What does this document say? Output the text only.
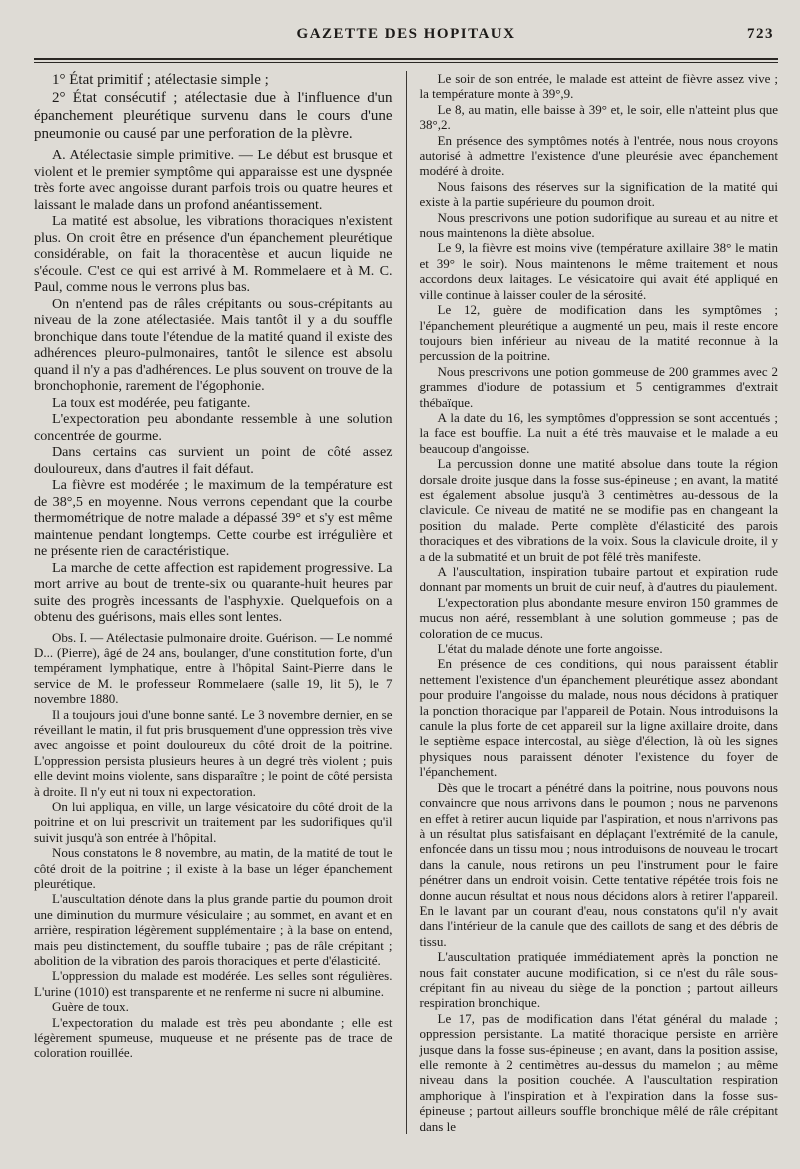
GAZETTE DES HOPITAUX	723

1° État primitif ; atélectasie simple ;

2° État consécutif ; atélectasie due à l'influence d'un épanchement pleurétique survenu dans le cours d'une pneumonie ou causé par une perforation de la plèvre.

A. Atélectasie simple primitive. — Le début est brusque et violent et le premier symptôme qui apparaisse est une dyspnée très forte avec angoisse durant parfois trois ou quatre heures et laissant le malade dans un profond anéantissement.

La matité est absolue, les vibrations thoraciques n'existent plus. On croit être en présence d'un épanchement pleurétique considérable, on fait la thoracentèse et aucun liquide ne s'écoule. C'est ce qui est arrivé à M. Rommelaere et à M. C. Paul, comme nous le verrons plus bas.

On n'entend pas de râles crépitants ou sous-crépitants au niveau de la zone atélectasiée. Mais tantôt il y a du souffle bronchique dans toute l'étendue de la matité quand il existe des adhérences pleuro-pulmonaires, tantôt le silence est absolu quand il n'y a pas d'adhérences. Le plus souvent on trouve de la bronchophonie, rarement de l'égophonie.

La toux est modérée, peu fatigante.

L'expectoration peu abondante ressemble à une solution concentrée de gourme.

Dans certains cas survient un point de côté assez douloureux, dans d'autres il fait défaut.

La fièvre est modérée ; le maximum de la température est de 38°,5 en moyenne. Nous verrons cependant que la courbe thermométrique de notre malade a dépassé 39° et s'y est même maintenue pendant longtemps. Cette courbe est irrégulière et ne présente rien de caractéristique.

La marche de cette affection est rapidement progressive. La mort arrive au bout de trente-six ou quarante-huit heures par suite des progrès incessants de l'asphyxie. Quelquefois on a obtenu des guérisons, mais elles sont lentes.

Obs. I. — Atélectasie pulmonaire droite. Guérison. — Le nommé D... (Pierre), âgé de 24 ans, boulanger, d'une constitution forte, d'un tempérament lymphatique, entre à l'hôpital Saint-Pierre dans le service de M. le professeur Rommelaere (salle 19, lit 5), le 7 novembre 1880.

Il a toujours joui d'une bonne santé. Le 3 novembre dernier, en se réveillant le matin, il fut pris brusquement d'une oppression très vive avec angoisse et point douloureux du côté droit de la poitrine. L'oppression persista plusieurs heures à un degré très violent ; puis elle devint moins violente, sans disparaître ; le point de côté persista à droite. Il n'y eut ni toux ni expectoration.

On lui appliqua, en ville, un large vésicatoire du côté droit de la poitrine et on lui prescrivit un traitement par les sudorifiques qu'il suivit jusqu'à son entrée à l'hôpital.

Nous constatons le 8 novembre, au matin, de la matité de tout le côté droit de la poitrine ; il existe à la base un léger épanchement pleurétique.

L'auscultation dénote dans la plus grande partie du poumon droit une diminution du murmure vésiculaire ; au sommet, en avant et en arrière, respiration légèrement supplémentaire ; à la base on entend, mais peu distinctement, du souffle tubaire ; pas de râle crépitant ; abolition de la vibration des parois thoraciques et perte d'élasticité.

L'oppression du malade est modérée. Les selles sont régulières. L'urine (1010) est transparente et ne renferme ni sucre ni albumine.

Guère de toux.

L'expectoration du malade est très peu abondante ; elle est légèrement spumeuse, muqueuse et ne présente pas de trace de coloration rouillée.

Le soir de son entrée, le malade est atteint de fièvre assez vive ; la température monte à 39°,9.

Le 8, au matin, elle baisse à 39° et, le soir, elle n'atteint plus que 38°,2.

En présence des symptômes notés à l'entrée, nous nous croyons autorisé à admettre l'existence d'une pleurésie avec épanchement modéré à droite.

Nous faisons des réserves sur la signification de la matité qui existe à la partie supérieure du poumon droit.

Nous prescrivons une potion sudorifique au sureau et au nitre et nous maintenons la diète absolue.

Le 9, la fièvre est moins vive (température axillaire 38° le matin et 39° le soir). Nous maintenons le même traitement et nous accordons deux laitages. Le vésicatoire qui avait été appliqué en ville continue à laisser couler de la sérosité.

Le 12, guère de modification dans les symptômes ; l'épanchement pleurétique a augmenté un peu, mais il reste encore toujours bien inférieur au niveau de la matité reconnue à la percussion de la poitrine.

Nous prescrivons une potion gommeuse de 200 grammes avec 2 grammes d'iodure de potassium et 5 centigrammes d'extrait thébaïque.

A la date du 16, les symptômes d'oppression se sont accentués ; la face est bouffie. La nuit a été très mauvaise et le malade a eu beaucoup d'angoisse.

La percussion donne une matité absolue dans toute la région dorsale droite jusque dans la fosse sus-épineuse ; en avant, la matité est également absolue jusqu'à 3 centimètres au-dessous de la clavicule. Ce niveau de matité ne se modifie pas en changeant la position du malade. Perte complète d'élasticité des parois thoraciques et des vibrations de la voix. Sous la clavicule droite, il y a de la submatité et un bruit de pot fêlé très manifeste.

A l'auscultation, inspiration tubaire partout et expiration rude donnant par moments un bruit de cuir neuf, à d'autres du piaulement.

L'expectoration plus abondante mesure environ 150 grammes de mucus non aéré, ressemblant à une solution gommeuse ; pas de coloration de ce mucus.

L'état du malade dénote une forte angoisse.

En présence de ces conditions, qui nous paraissent établir nettement l'existence d'un épanchement pleurétique assez abondant pour produire l'angoisse du malade, nous nous décidons à pratiquer la ponction thoracique par l'appareil de Potain. Nous introduisons la canule la plus forte de cet appareil sur la ligne axillaire droite, dans le septième espace intercostal, au siège d'élection, là où les signes physiques nous paraissent dénoter l'existence du foyer de l'épanchement.

Dès que le trocart a pénétré dans la poitrine, nous pouvons nous convaincre que nous arrivons dans le poumon ; nous ne parvenons en effet à retirer aucun liquide par l'aspiration, et nous n'arrivons pas à un résultat plus satisfaisant en déplaçant l'extrémité de la canule, enfoncée dans un tissu mou ; nous introduisons de nouveau le trocart dans la canule, nous retirons un peu l'instrument pour le faire pénétrer dans un endroit voisin. Cette tentative répétée trois fois ne donne aucun résultat et nous nous décidons alors à retirer l'appareil. En le lavant par un courant d'eau, nous constatons qu'il n'y avait dans l'intérieur de la canule que des caillots de sang et des débris de tissu.

L'auscultation pratiquée immédiatement après la ponction ne nous fait constater aucune modification, si ce n'est du râle sous-crépitant fin au niveau du siège de la ponction ; partout ailleurs respiration bronchique.

Le 17, pas de modification dans l'état général du malade ; oppression persistante. La matité thoracique persiste en arrière jusque dans la fosse sus-épineuse ; en avant, dans la position assise, elle remonte à 2 centimètres au-dessus du mamelon ; au même niveau dans la position couchée. A l'auscultation respiration amphorique à l'inspiration et à l'expiration dans la fosse sus-épineuse ; partout ailleurs souffle bronchique mêlé de râle crépitant dans le
